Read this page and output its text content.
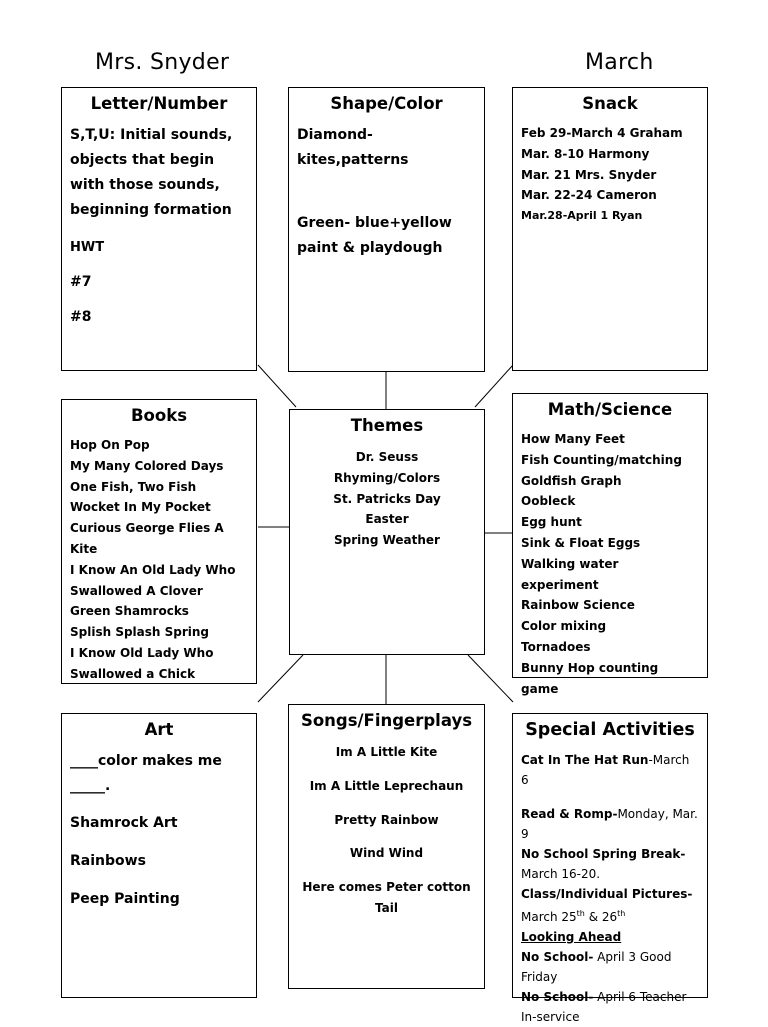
Mrs. Snyder	March
Letter/Number

S,T,U: Initial sounds, objects that begin with those sounds, beginning formation

HWT

#7

#8

Shape/Color

Diamond-kites,patterns

Green- blue+yellow paint & playdough

Snack

Feb 29-March 4 Graham

Mar. 8-10 Harmony

Mar. 21 Mrs. Snyder

Mar. 22-24 Cameron

Mar.28-April 1 Ryan

Books

Hop On Pop

My Many Colored Days

One Fish, Two Fish

Wocket In My Pocket

Curious George Flies A Kite

I Know An Old Lady Who

Swallowed A Clover

Green Shamrocks

Splish Splash Spring

I Know Old Lady Who

Swallowed a Chick

Themes

Dr. Seuss

Rhyming/Colors

St. Patricks Day

Easter

Spring Weather

Math/Science

How Many Feet

Fish Counting/matching

Goldfish Graph

Oobleck

Egg hunt

Sink & Float Eggs

Walking water experiment

Rainbow Science

Color mixing

Tornadoes

Bunny Hop counting game

Art

____color makes me _____.

Shamrock Art

Rainbows

Peep Painting

Songs/Fingerplays

Im A Little Kite

Im A Little Leprechaun

Pretty Rainbow

Wind Wind

Here comes Peter cotton Tail

Special Activities

Cat In The Hat Run-March 6

Read & Romp-Monday, Mar. 9

No School Spring Break-March 16-20.

Class/Individual Pictures- March 25th & 26th

Looking Ahead

No School- April 3 Good Friday

No School- April 6 Teacher In-service
